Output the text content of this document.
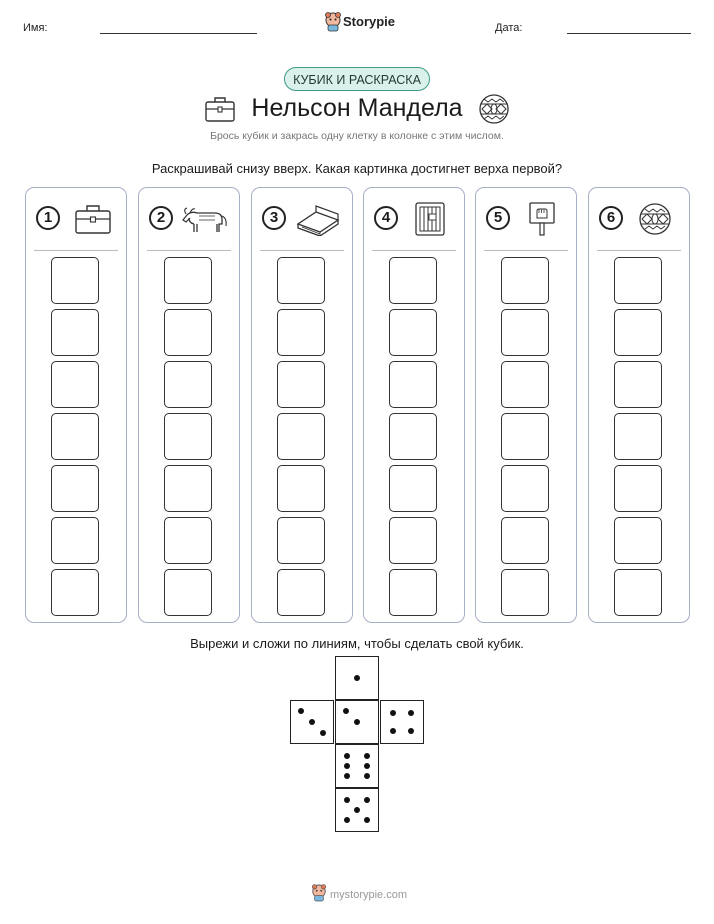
Имя:	Storypie	Дата:
КУБИК И РАСКРАСКА
Нельсон Мандела
Брось кубик и закрась одну клетку в колонке с этим числом.
Раскрашивай снизу вверх. Какая картинка достигнет верха первой?
1	2	3	4	5	6
Вырежи и сложи по линиям, чтобы сделать свой кубик.
mystorypie.com
